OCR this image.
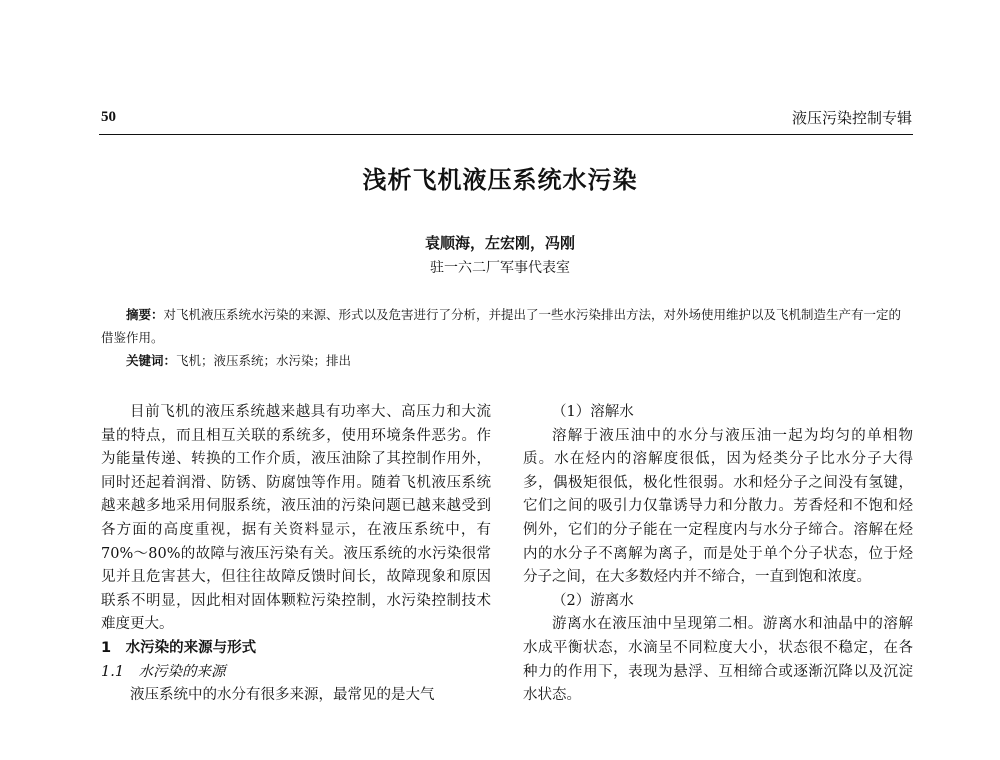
50	液压污染控制专辑
浅析飞机液压系统水污染
袁顺海，左宏刚，冯刚
驻一六二厂军事代表室

摘要：对飞机液压系统水污染的来源、形式以及危害进行了分析，并提出了一些水污染排出方法，对外场使用维护以及飞机制造生产有一定的借鉴作用。

关键词：飞机；液压系统；水污染；排出

目前飞机的液压系统越来越具有功率大、高压力和大流量的特点，而且相互关联的系统多，使用环境条件恶劣。作为能量传递、转换的工作介质，液压油除了其控制作用外，同时还起着润滑、防锈、防腐蚀等作用。随着飞机液压系统越来越多地采用伺服系统，液压油的污染问题已越来越受到各方面的高度重视，据有关资料显示，在液压系统中，有70%～80%的故障与液压污染有关。液压系统的水污染很常见并且危害甚大，但往往故障反馈时间长，故障现象和原因联系不明显，因此相对固体颗粒污染控制，水污染控制技术难度更大。

1　水污染的来源与形式

1.1　水污染的来源

液压系统中的水分有很多来源，最常见的是大气

（1）溶解水

溶解于液压油中的水分与液压油一起为均匀的单相物质。水在烃内的溶解度很低，因为烃类分子比水分子大得多，偶极矩很低，极化性很弱。水和烃分子之间没有氢键，它们之间的吸引力仅靠诱导力和分散力。芳香烃和不饱和烃例外，它们的分子能在一定程度内与水分子缔合。溶解在烃内的水分子不离解为离子，而是处于单个分子状态，位于烃分子之间，在大多数烃内并不缔合，一直到饱和浓度。

（2）游离水

游离水在液压油中呈现第二相。游离水和油晶中的溶解水成平衡状态，水滴呈不同粒度大小，状态很不稳定，在各种力的作用下，表现为悬浮、互相缔合或逐渐沉降以及沉淀水状态。
